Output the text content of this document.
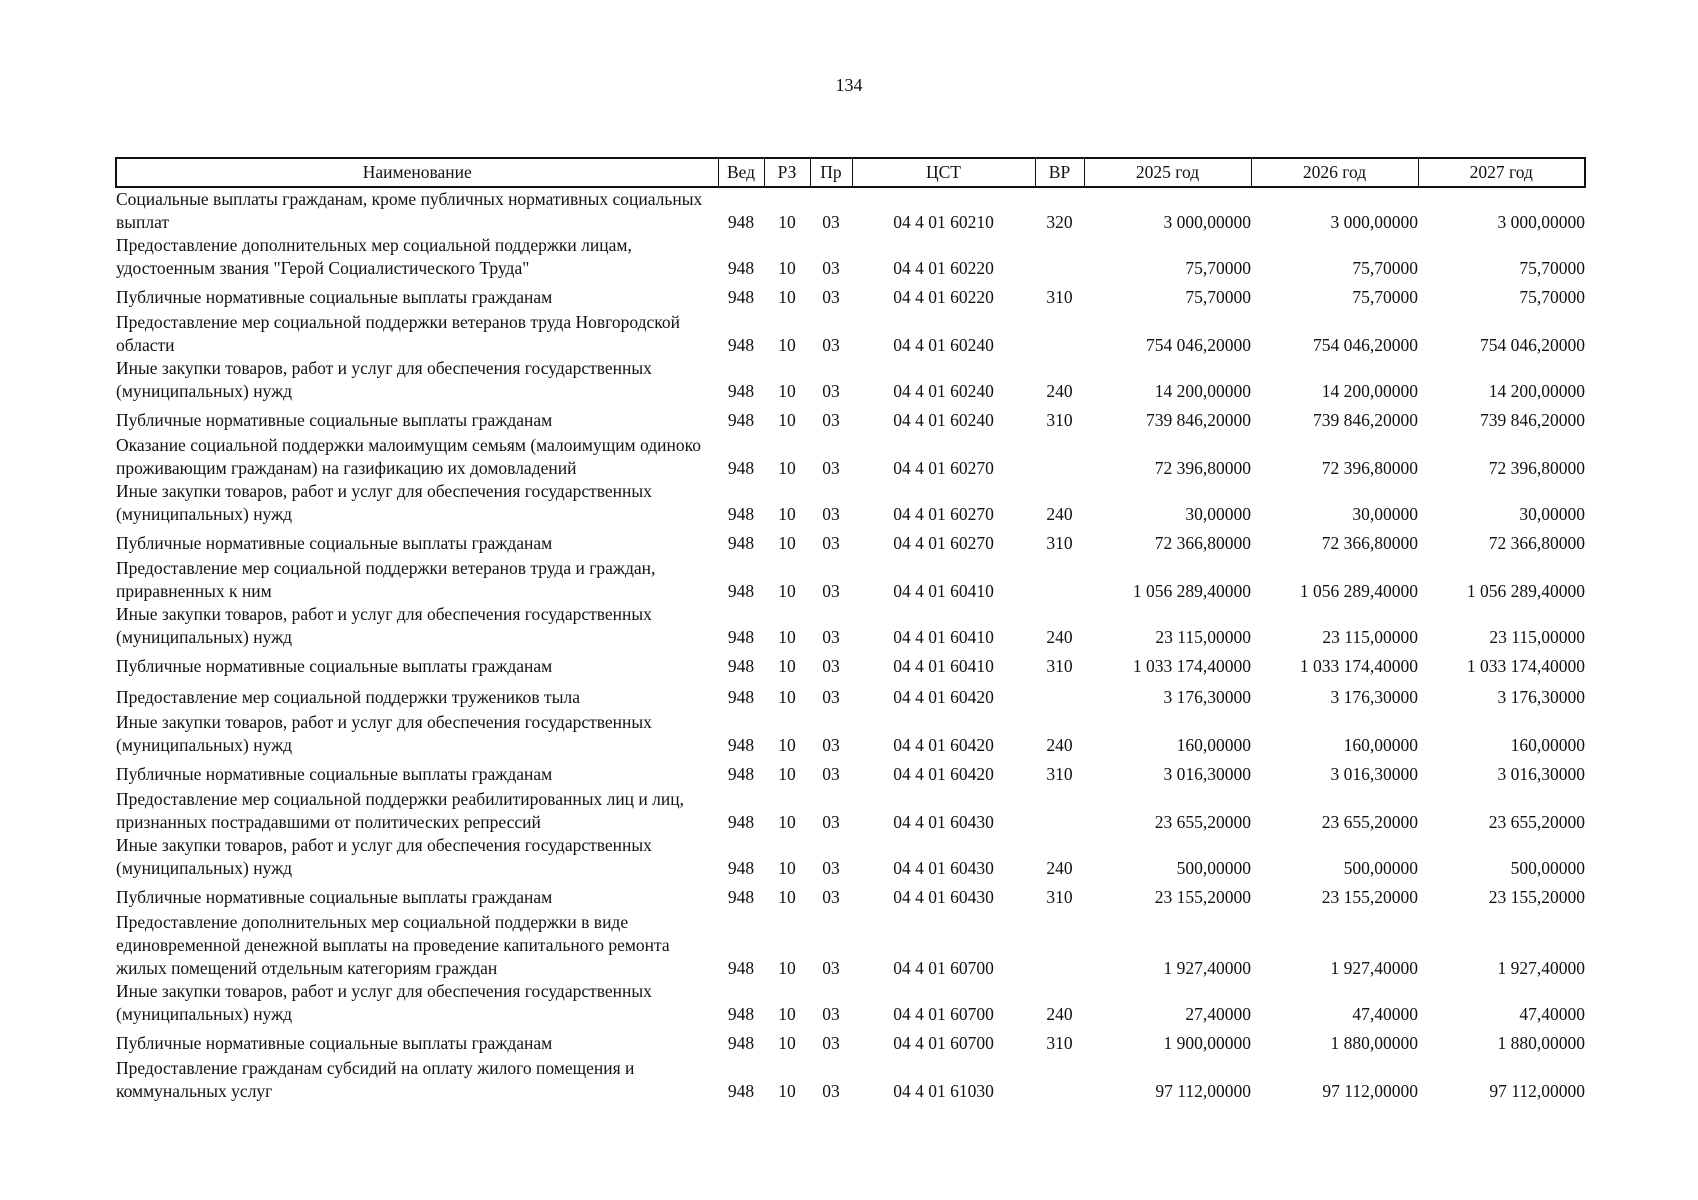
134
Наименование	Вед	РЗ	Пр	ЦСТ	ВР	2025 год	2026 год	2027 год
Социальные выплаты гражданам, кроме публичных нормативных социальных выплат	948	10	03	04 4 01 60210	320	3 000,00000	3 000,00000	3 000,00000
Предоставление дополнительных мер социальной поддержки лицам, удостоенным звания "Герой Социалистического Труда"	948	10	03	04 4 01 60220		75,70000	75,70000	75,70000
Публичные нормативные социальные выплаты гражданам	948	10	03	04 4 01 60220	310	75,70000	75,70000	75,70000
Предоставление мер социальной поддержки ветеранов труда Новгородской области	948	10	03	04 4 01 60240		754 046,20000	754 046,20000	754 046,20000
Иные закупки товаров, работ и услуг для обеспечения государственных (муниципальных) нужд	948	10	03	04 4 01 60240	240	14 200,00000	14 200,00000	14 200,00000
Публичные нормативные социальные выплаты гражданам	948	10	03	04 4 01 60240	310	739 846,20000	739 846,20000	739 846,20000
Оказание социальной поддержки малоимущим семьям (малоимущим одиноко проживающим гражданам) на газификацию их домовладений	948	10	03	04 4 01 60270		72 396,80000	72 396,80000	72 396,80000
Иные закупки товаров, работ и услуг для обеспечения государственных (муниципальных) нужд	948	10	03	04 4 01 60270	240	30,00000	30,00000	30,00000
Публичные нормативные социальные выплаты гражданам	948	10	03	04 4 01 60270	310	72 366,80000	72 366,80000	72 366,80000
Предоставление мер социальной поддержки ветеранов труда и граждан, приравненных к ним	948	10	03	04 4 01 60410		1 056 289,40000	1 056 289,40000	1 056 289,40000
Иные закупки товаров, работ и услуг для обеспечения государственных (муниципальных) нужд	948	10	03	04 4 01 60410	240	23 115,00000	23 115,00000	23 115,00000
Публичные нормативные социальные выплаты гражданам	948	10	03	04 4 01 60410	310	1 033 174,40000	1 033 174,40000	1 033 174,40000
Предоставление мер социальной поддержки тружеников тыла	948	10	03	04 4 01 60420		3 176,30000	3 176,30000	3 176,30000
Иные закупки товаров, работ и услуг для обеспечения государственных (муниципальных) нужд	948	10	03	04 4 01 60420	240	160,00000	160,00000	160,00000
Публичные нормативные социальные выплаты гражданам	948	10	03	04 4 01 60420	310	3 016,30000	3 016,30000	3 016,30000
Предоставление мер социальной поддержки реабилитированных лиц и лиц, признанных пострадавшими от политических репрессий	948	10	03	04 4 01 60430		23 655,20000	23 655,20000	23 655,20000
Иные закупки товаров, работ и услуг для обеспечения государственных (муниципальных) нужд	948	10	03	04 4 01 60430	240	500,00000	500,00000	500,00000
Публичные нормативные социальные выплаты гражданам	948	10	03	04 4 01 60430	310	23 155,20000	23 155,20000	23 155,20000
Предоставление дополнительных мер социальной поддержки в виде единовременной денежной выплаты на проведение капитального ремонта жилых помещений отдельным категориям граждан	948	10	03	04 4 01 60700		1 927,40000	1 927,40000	1 927,40000
Иные закупки товаров, работ и услуг для обеспечения государственных (муниципальных) нужд	948	10	03	04 4 01 60700	240	27,40000	47,40000	47,40000
Публичные нормативные социальные выплаты гражданам	948	10	03	04 4 01 60700	310	1 900,00000	1 880,00000	1 880,00000
Предоставление гражданам субсидий на оплату жилого помещения и коммунальных услуг	948	10	03	04 4 01 61030		97 112,00000	97 112,00000	97 112,00000
